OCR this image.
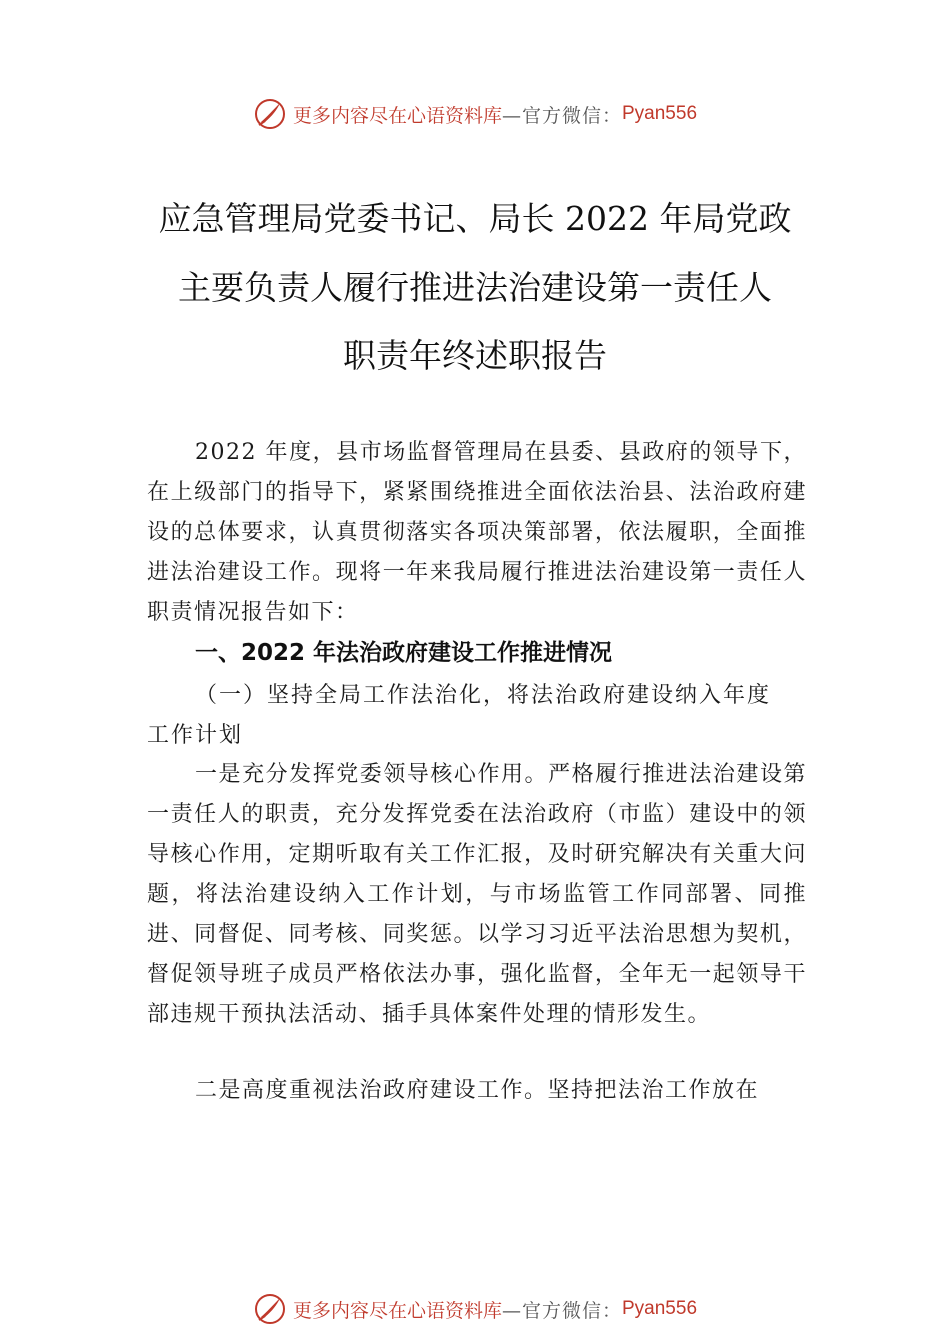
更多内容尽在心语资料库 —官方微信： Pyan556
应急管理局党委书记、局长 2022 年局党政
主要负责人履行推进法治建设第一责任人
职责年终述职报告
2022 年度，县市场监督管理局在县委、县政府的领导下，在上级部门的指导下，紧紧围绕推进全面依法治县、法治政府建设的总体要求，认真贯彻落实各项决策部署，依法履职，全面推进法治建设工作。现将一年来我局履行推进法治建设第一责任人职责情况报告如下：
一、2022 年法治政府建设工作推进情况
（一）坚持全局工作法治化，将法治政府建设纳入年度工作计划
一是充分发挥党委领导核心作用。严格履行推进法治建设第一责任人的职责，充分发挥党委在法治政府（市监）建设中的领导核心作用，定期听取有关工作汇报，及时研究解决有关重大问题，将法治建设纳入工作计划，与市场监管工作同部署、同推进、同督促、同考核、同奖惩。以学习习近平法治思想为契机，督促领导班子成员严格依法办事，强化监督，全年无一起领导干部违规干预执法活动、插手具体案件处理的情形发生。
二是高度重视法治政府建设工作。坚持把法治工作放在
更多内容尽在心语资料库 —官方微信： Pyan556
